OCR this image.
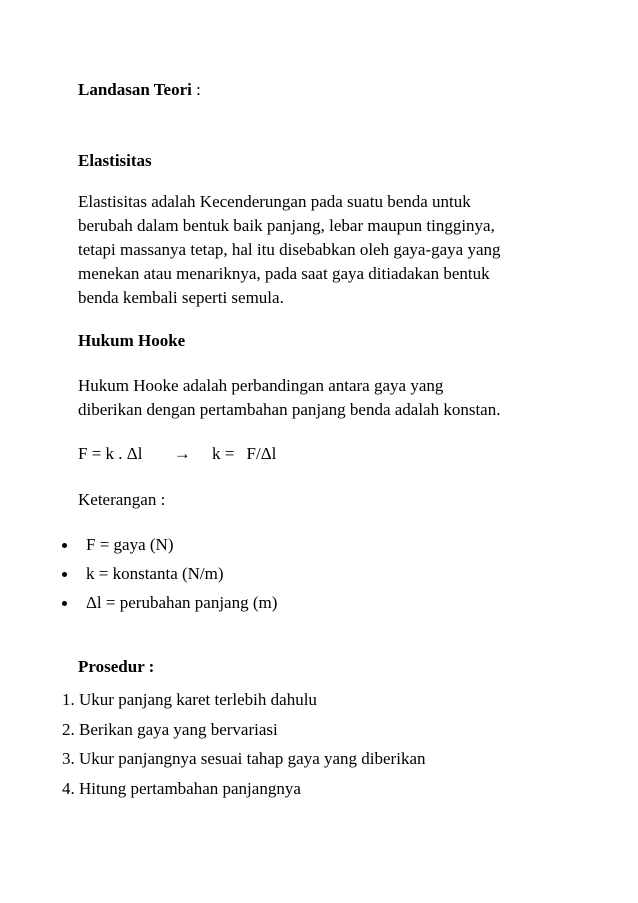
Landasan Teori :

Elastisitas

Elastisitas adalah Kecenderungan pada suatu benda untuk
berubah dalam bentuk baik panjang, lebar maupun tingginya,
tetapi massanya tetap, hal itu disebabkan oleh gaya-gaya yang
menekan atau menariknya, pada saat gaya ditiadakan bentuk
benda kembali seperti semula.

Hukum Hooke

Hukum Hooke adalah perbandingan antara gaya yang
diberikan dengan pertambahan panjang benda adalah konstan.
F = k . Δl → k = F/Δl

Keterangan :

F = gaya (N)
k = konstanta (N/m)
Δl = perubahan panjang (m)

Prosedur :

1. Ukur panjang karet terlebih dahulu
2. Berikan gaya yang bervariasi
3. Ukur panjangnya sesuai tahap gaya yang diberikan
4. Hitung pertambahan panjangnya
